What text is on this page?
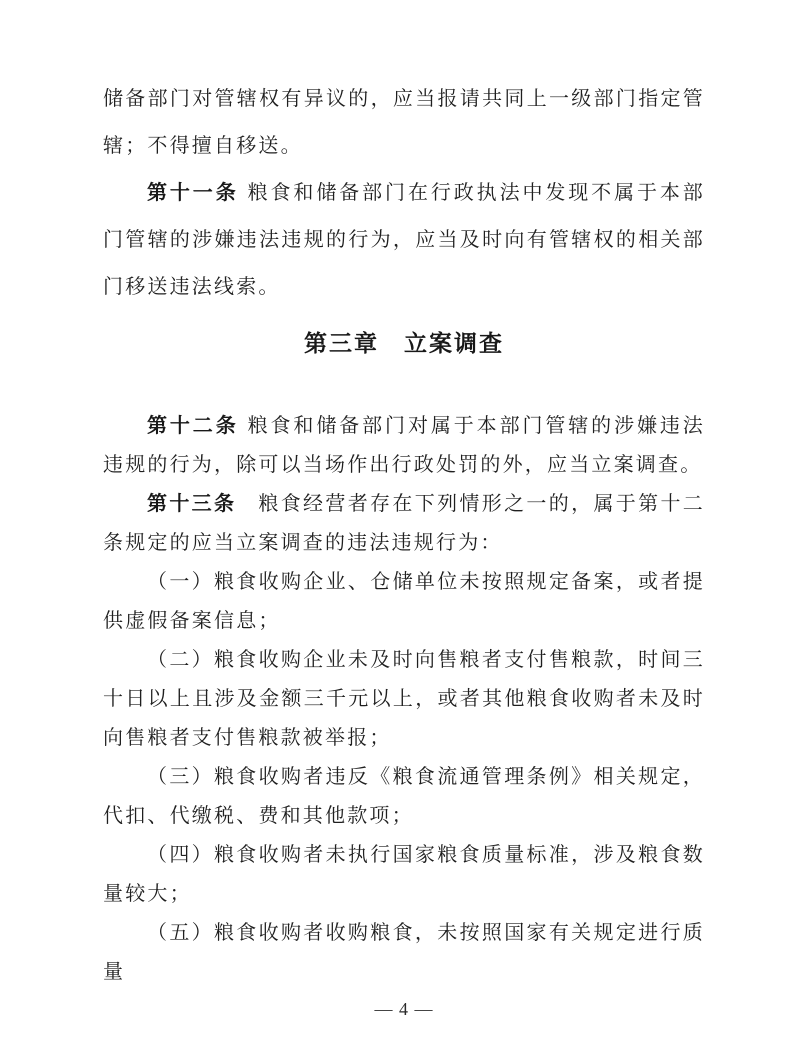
储备部门对管辖权有异议的，应当报请共同上一级部门指定管辖；不得擅自移送。

第十一条 粮食和储备部门在行政执法中发现不属于本部门管辖的涉嫌违法违规的行为，应当及时向有管辖权的相关部门移送违法线索。

第三章　立案调查

第十二条 粮食和储备部门对属于本部门管辖的涉嫌违法违规的行为，除可以当场作出行政处罚的外，应当立案调查。

第十三条 粮食经营者存在下列情形之一的，属于第十二条规定的应当立案调查的违法违规行为：

（一）粮食收购企业、仓储单位未按照规定备案，或者提供虚假备案信息；

（二）粮食收购企业未及时向售粮者支付售粮款，时间三十日以上且涉及金额三千元以上，或者其他粮食收购者未及时向售粮者支付售粮款被举报；

（三）粮食收购者违反《粮食流通管理条例》相关规定，代扣、代缴税、费和其他款项；

（四）粮食收购者未执行国家粮食质量标准，涉及粮食数量较大；

（五）粮食收购者收购粮食，未按照国家有关规定进行质量

— 4 —
